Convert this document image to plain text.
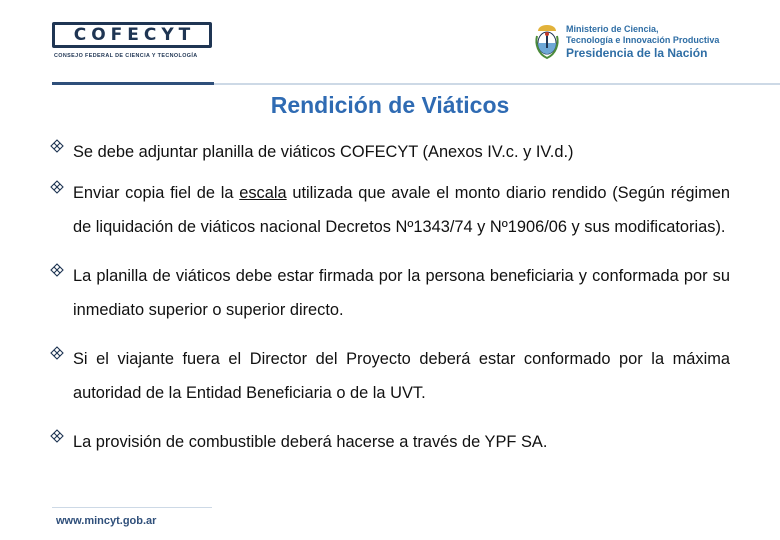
COFECYT
CONSEJO FEDERAL DE CIENCIA Y TECNOLOGÍA
Ministerio de Ciencia,
Tecnología e Innovación Productiva
Presidencia de la Nación
Rendición de Viáticos
Se debe adjuntar planilla de viáticos COFECYT (Anexos IV.c. y IV.d.)
Enviar copia fiel de la escala utilizada que avale el monto diario rendido (Según régimen de liquidación de viáticos nacional Decretos Nº1343/74 y Nº1906/06 y sus modificatorias).
La planilla de viáticos debe estar firmada por la persona beneficiaria y conformada por su inmediato superior o superior directo.
Si el viajante fuera el Director del Proyecto deberá estar conformado por la máxima autoridad de la Entidad Beneficiaria o de la UVT.
La provisión de combustible deberá hacerse a través de YPF SA.
www.mincyt.gob.ar
